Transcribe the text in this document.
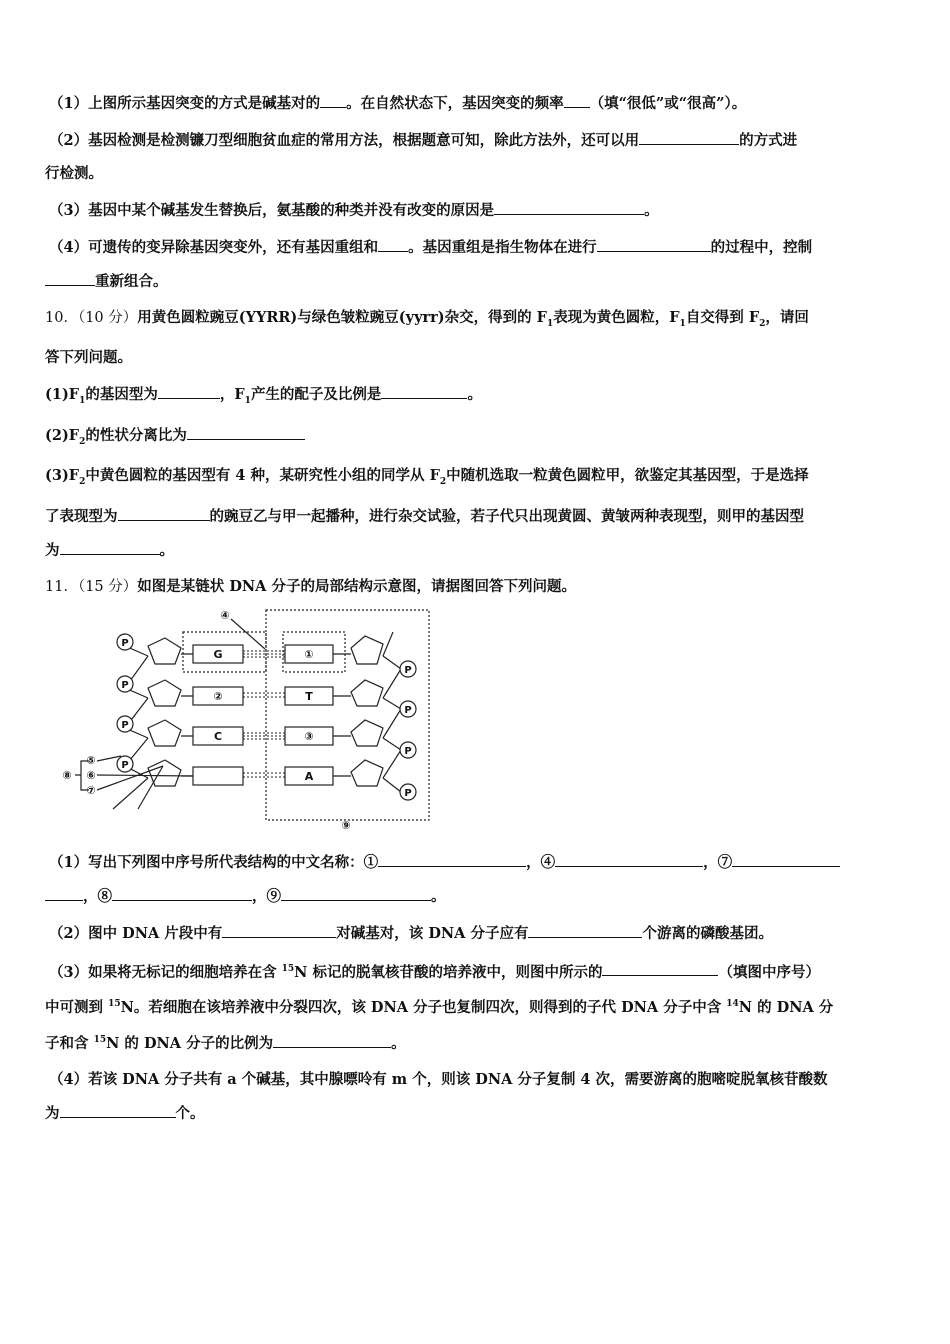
（1）上图所示基因突变的方式是碱基对的 。在自然状态下，基因突变的频率 （填“很低”或“很高”）。
（2）基因检测是检测镰刀型细胞贫血症的常用方法，根据题意可知，除此方法外，还可以用	的方式进
行检测。
（3）基因中某个碱基发生替换后，氨基酸的种类并没有改变的原因是	。
（4）可遗传的变异除基因突变外，还有基因重组和 。基因重组是指生物体在进行	的过程中，控制
重新组合。
10．（10 分）用黄色圆粒豌豆(YYRR)与绿色皱粒豌豆(yyrr)杂交，得到的 $F_1$表现为黄色圆粒，$F_1$自交得到 $F_2$，请回
答下列问题。
$(1)F_1$的基因型为	，$F_1$产生的配子及比例是	。
$(2)F_2$的性状分离比为
$(3)F_2$中黄色圆粒的基因型有 4 种，某研究性小组的同学从 $F_2$中随机选取一粒黄色圆粒甲，欲鉴定其基因型，于是选择
了表现型为	的豌豆乙与甲一起播种，进行杂交试验，若子代只出现黄圆、黄皱两种表现型，则甲的基因型
为	。
11．（15 分）如图是某链状 DNA 分子的局部结构示意图，请据图回答下列问题。
P
P
P
P
P
P
P
P
G
②
C
①
T
③
A
④
⑤
⑥
⑦
⑧
⑨
（1）写出下列图中序号所代表结构的中文名称：①	，④	，⑦
，⑧	，⑨	。
（2）图中 DNA 片段中有	对碱基对，该 DNA 分子应有	个游离的磷酸基团。
（3）如果将无标记的细胞培养在含 $^{15}$N 标记的脱氧核苷酸的培养液中，则图中所示的	（填图中序号）
中可测到 $^{15}$N。若细胞在该培养液中分裂四次，该 DNA 分子也复制四次，则得到的子代 DNA 分子中含 $^{14}$N 的 DNA 分
子和含 $^{15}$N 的 DNA 分子的比例为	。
（4）若该 DNA 分子共有 a 个碱基，其中腺嘌呤有 m 个，则该 DNA 分子复制 4 次，需要游离的胞嘧啶脱氧核苷酸数
为	个。
